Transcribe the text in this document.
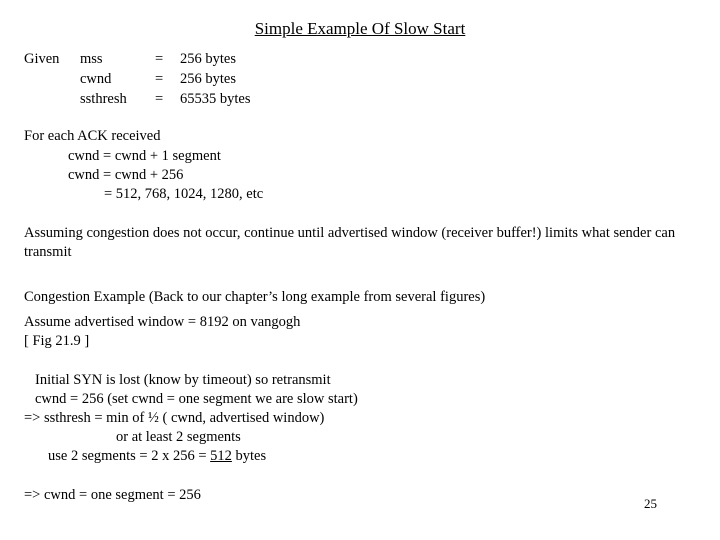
Simple Example Of Slow Start
Given mss
cwnd
ssthresh
=
=
=
256 bytes
256 bytes
65535 bytes
For each ACK received
cwnd = cwnd + 1 segment
cwnd = cwnd + 256
= 512, 768, 1024, 1280, etc
Assuming congestion does not occur, continue until advertised window (receiver buffer!) limits what sender can transmit
Congestion Example (Back to our chapter’s long example from several figures)
Assume advertised window = 8192 on vangogh
[ Fig 21.9 ]
Initial SYN is lost (know by timeout) so retransmit
cwnd = 256 (set cwnd = one segment we are slow start)
=> ssthresh = min of ½ ( cwnd, advertised window)
or at least 2 segments
use 2 segments = 2 x 256 = 512 bytes
=> cwnd = one segment = 256
25
